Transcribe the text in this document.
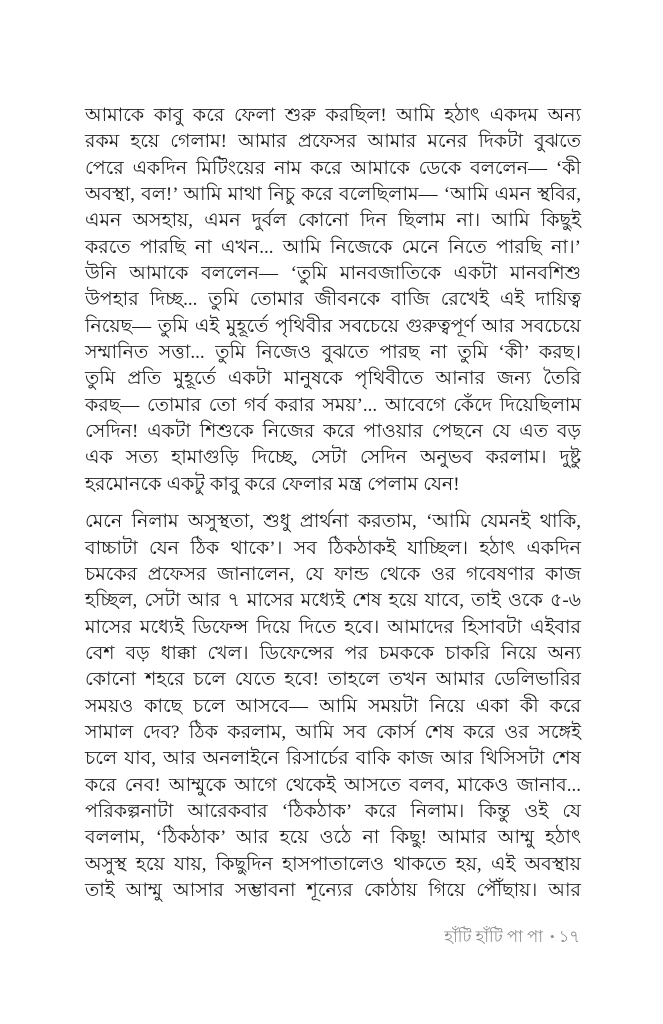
আমাকে কাবু করে ফেলা শুরু করছিল! আমি হঠাৎ একদম অন্য
রকম হয়ে গেলাম! আমার প্রফেসর আমার মনের দিকটা বুঝতে
পেরে একদিন মিটিংয়ের নাম করে আমাকে ডেকে বললেন— ‘কী
অবস্থা, বল!’ আমি মাথা নিচু করে বলেছিলাম— ‘আমি এমন স্থবির,
এমন অসহায়, এমন দুর্বল কোনো দিন ছিলাম না। আমি কিছুই
করতে পারছি না এখন... আমি নিজেকে মেনে নিতে পারছি না।’
উনি আমাকে বললেন— ‘তুমি মানবজাতিকে একটা মানবশিশু
উপহার দিচ্ছ... তুমি তোমার জীবনকে বাজি রেখেই এই দায়িত্ব
নিয়েছ— তুমি এই মুহূর্তে পৃথিবীর সবচেয়ে গুরুত্বপূর্ণ আর সবচেয়ে
সম্মানিত সত্তা... তুমি নিজেও বুঝতে পারছ না তুমি ‘কী’ করছ।
তুমি প্রতি মুহূর্তে একটা মানুষকে পৃথিবীতে আনার জন্য তৈরি
করছ— তোমার তো গর্ব করার সময়’... আবেগে কেঁদে দিয়েছিলাম
সেদিন! একটা শিশুকে নিজের করে পাওয়ার পেছনে যে এত বড়
এক সত্য হামাগুড়ি দিচ্ছে, সেটা সেদিন অনুভব করলাম। দুষ্টু
হরমোনকে একটু কাবু করে ফেলার মন্ত্র পেলাম যেন!

মেনে নিলাম অসুস্থতা, শুধু প্রার্থনা করতাম, ‘আমি যেমনই থাকি,
বাচ্চাটা যেন ঠিক থাকে’। সব ঠিকঠাকই যাচ্ছিল। হঠাৎ একদিন
চমকের প্রফেসর জানালেন, যে ফান্ড থেকে ওর গবেষণার কাজ
হচ্ছিল, সেটা আর ৭ মাসের মধ্যেই শেষ হয়ে যাবে, তাই ওকে ৫-৬
মাসের মধ্যেই ডিফেন্স দিয়ে দিতে হবে। আমাদের হিসাবটা এইবার
বেশ বড় ধাক্কা খেল। ডিফেন্সের পর চমককে চাকরি নিয়ে অন্য
কোনো শহরে চলে যেতে হবে! তাহলে তখন আমার ডেলিভারির
সময়ও কাছে চলে আসবে— আমি সময়টা নিয়ে একা কী করে
সামাল দেব? ঠিক করলাম, আমি সব কোর্স শেষ করে ওর সঙ্গেই
চলে যাব, আর অনলাইনে রিসার্চের বাকি কাজ আর থিসিসটা শেষ
করে নেব! আম্মুকে আগে থেকেই আসতে বলব, মাকেও জানাব...
পরিকল্পনাটা আরেকবার ‘ঠিকঠাক’ করে নিলাম। কিন্তু ওই যে
বললাম, ‘ঠিকঠাক’ আর হয়ে ওঠে না কিছু! আমার আম্মু হঠাৎ
অসুস্থ হয়ে যায়, কিছুদিন হাসপাতালেও থাকতে হয়, এই অবস্থায়
তাই আম্মু আসার সম্ভাবনা শূন্যের কোঠায় গিয়ে পৌঁছায়। আর

হাঁটি হাঁটি পা পা • ১৭
